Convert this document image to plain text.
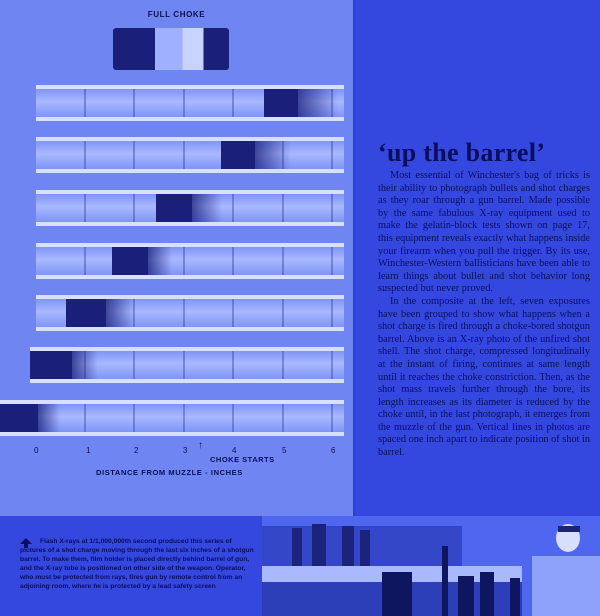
FULL CHOKE
0	1	2	3	4	5	6
↑
CHOKE STARTS
DISTANCE FROM MUZZLE - INCHES
‘up the barrel’

Most essential of Winchester's bag of tricks is their ability to photograph bullets and shot charges as they roar through a gun barrel. Made possible by the same fabulous X-ray equipment used to make the gelatin-block tests shown on page 17, this equipment reveals exactly what happens inside your firearm when you pull the trigger. By its use, Winchester-Western ballisticians have been able to learn things about bullet and shot behavior long suspected but never proved.

In the composite at the left, seven exposures have been grouped to show what happens when a shot charge is fired through a choke-bored shotgun barrel. Above is an X-ray photo of the unfired shot shell. The shot charge, compressed longitudinally at the instant of firing, continues at same length until it reaches the choke constriction. Then, as the shot mass travels further through the bore, its length increases as its diameter is reduced by the choke until, in the last photograph, it emerges from the muzzle of the gun. Vertical lines in photos are spaced one inch apart to indicate position of shot in barrel.

Flash X-rays at 1/1,000,000th second produced this series of pictures of a shot charge moving through the last six inches of a shotgun barrel. To make them, film holder is placed directly behind barrel of gun, and the X-ray tube is positioned on other side of the weapon. Operator, who must be protected from rays, fires gun by remote control from an adjoining room, where he is protected by a lead safety screen
